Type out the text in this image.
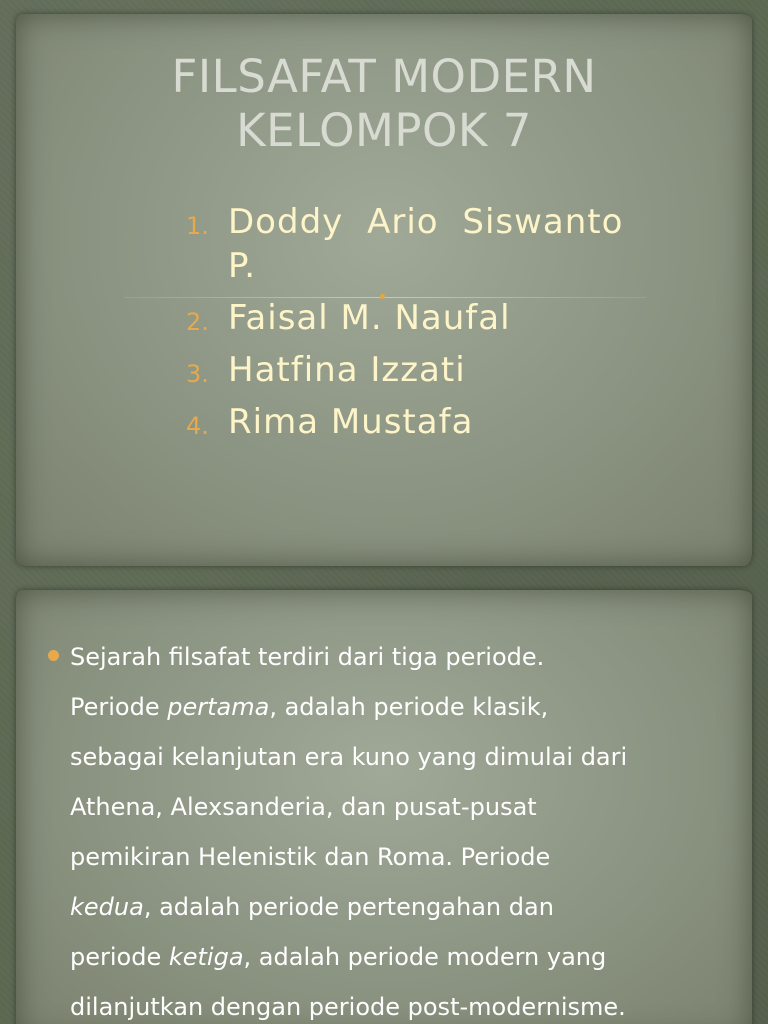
FILSAFAT MODERN
KELOMPOK 7
1. Doddy Ario Siswanto
P.
2. Faisal M. Naufal
3. Hatfina Izzati
4. Rima Mustafa
Sejarah filsafat terdiri dari tiga periode.
Periode pertama, adalah periode klasik,
sebagai kelanjutan era kuno yang dimulai dari
Athena, Alexsanderia, dan pusat-pusat
pemikiran Helenistik dan Roma. Periode
kedua, adalah periode pertengahan dan
periode ketiga, adalah periode modern yang
dilanjutkan dengan periode post-modernisme.
